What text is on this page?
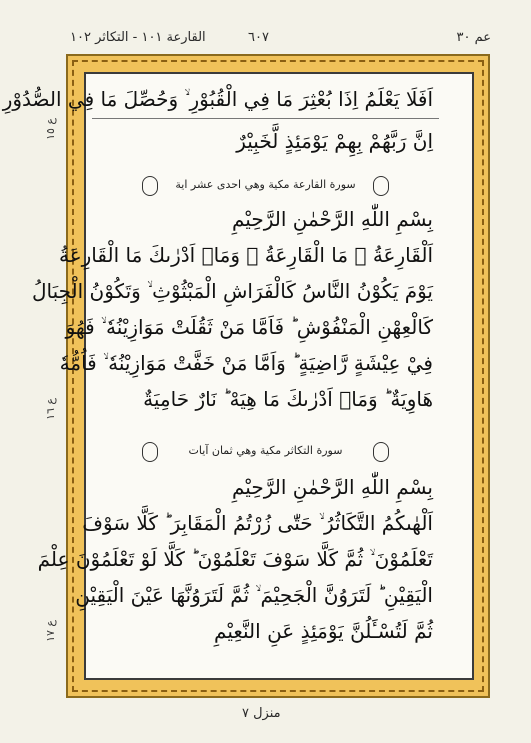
عم ٣٠
٦٠٧
القارعة ١٠١ - التكاثر ١٠٢
ع ١٥
ع ١٦
ع ١٧
اَفَلَا يَعْلَمُ اِذَا بُعْثِرَ مَا فِي الْقُبُوْرِ ۙ وَحُصِّلَ مَا فِي الصُّدُوْرِ
اِنَّ رَبَّهُمْ بِهِمْ يَوْمَئِذٍ لَّخَبِيْرٌ
سورة القارعة مكية وهي احدى عشر اية
بِسْمِ اللّٰهِ الرَّحْمٰنِ الرَّحِيْمِ
اَلْقَارِعَةُ ۙ مَا الْقَارِعَةُ ۚ وَمَاۤ اَدْرٰىكَ مَا الْقَارِعَةُ
يَوْمَ يَكُوْنُ النَّاسُ كَالْفَرَاشِ الْمَبْثُوْثِ ۙ وَتَكُوْنُ الْجِبَالُ
كَالْعِهْنِ الْمَنْفُوْشِ ؕ فَاَمَّا مَنْ ثَقُلَتْ مَوَازِيْنُهٗ ۙ فَهُوَ
فِيْ عِيْشَةٍ رَّاضِيَةٍ ؕ وَاَمَّا مَنْ خَفَّتْ مَوَازِيْنُهٗ ۙ فَاُمُّهٗ
هَاوِيَةٌ ؕ وَمَاۤ اَدْرٰىكَ مَا هِيَهْ ؕ نَارٌ حَامِيَةٌ
سورة التكاثر مكية وهي ثمان آيات
بِسْمِ اللّٰهِ الرَّحْمٰنِ الرَّحِيْمِ
اَلْهٰىكُمُ التَّكَاثُرُ ۙ حَتّٰى زُرْتُمُ الْمَقَابِرَ ؕ كَلَّا سَوْفَ
تَعْلَمُوْنَ ۙ ثُمَّ كَلَّا سَوْفَ تَعْلَمُوْنَ ؕ كَلَّا لَوْ تَعْلَمُوْنَ عِلْمَ
الْيَقِيْنِ ؕ لَتَرَوُنَّ الْجَحِيْمَ ۙ ثُمَّ لَتَرَوُنَّهَا عَيْنَ الْيَقِيْنِ
ثُمَّ لَتُسْـَٔلُنَّ يَوْمَئِذٍ عَنِ النَّعِيْمِ
منزل ٧
